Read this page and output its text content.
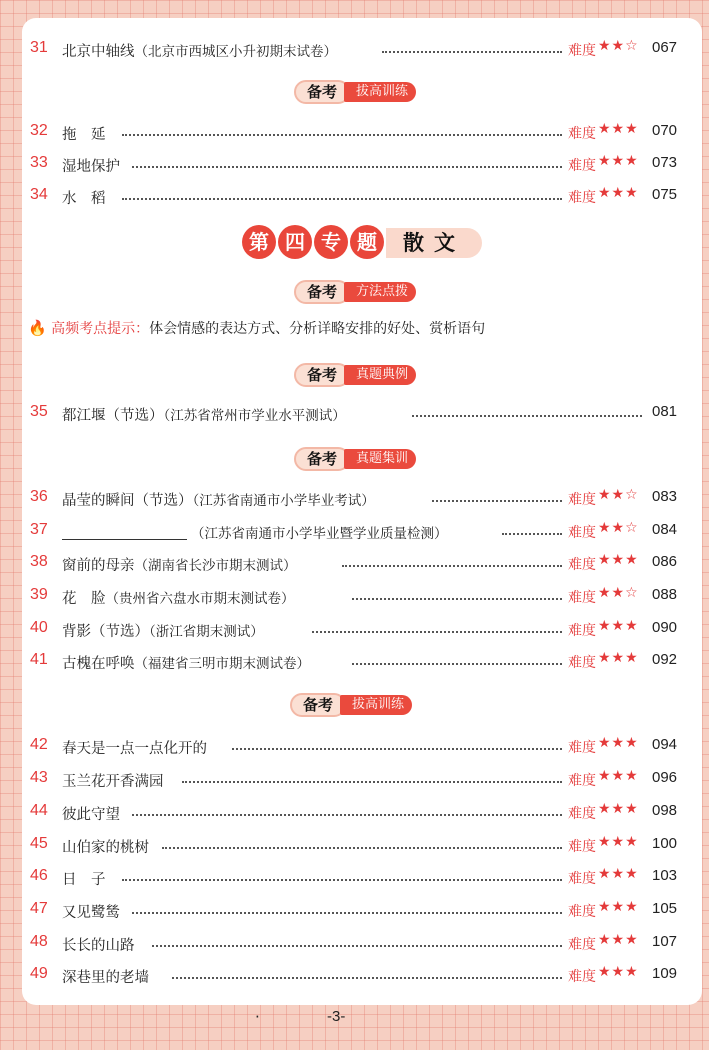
备考	拔高训练
第 四 专 题	散文
备考	方法点拨
🔥 高频考点提示：体会情感的表达方式、分析详略安排的好处、赏析语句
备考	真题典例
备考	真题集训
备考	拔高训练
31 北京中轴线（北京市西城区小升初期末试卷）	难度 ★★☆ 067
32 拖　延	难度 ★★★ 070
33 湿地保护	难度 ★★★ 073
34 水　稻	难度 ★★★ 075
35 都江堰（节选）（江苏省常州市学业水平测试）	081
36 晶莹的瞬间（节选）（江苏省南通市小学毕业考试）	难度 ★★☆ 083
37	（江苏省南通市小学毕业暨学业质量检测）	难度 ★★☆ 084
38 窗前的母亲（湖南省长沙市期末测试）	难度 ★★★ 086
39 花　脸（贵州省六盘水市期末测试卷）	难度 ★★☆ 088
40 背影（节选）（浙江省期末测试）	难度 ★★★ 090
41 古槐在呼唤（福建省三明市期末测试卷）	难度 ★★★ 092
42 春天是一点一点化开的	难度 ★★★ 094
43 玉兰花开香满园	难度 ★★★ 096
44 彼此守望	难度 ★★★ 098
45 山伯家的桃树	难度 ★★★ 100
46 日　子	难度 ★★★ 103
47 又见鹭鸶	难度 ★★★ 105
48 长长的山路	难度 ★★★ 107
49 深巷里的老墙	难度 ★★★ 109
·	-3-
